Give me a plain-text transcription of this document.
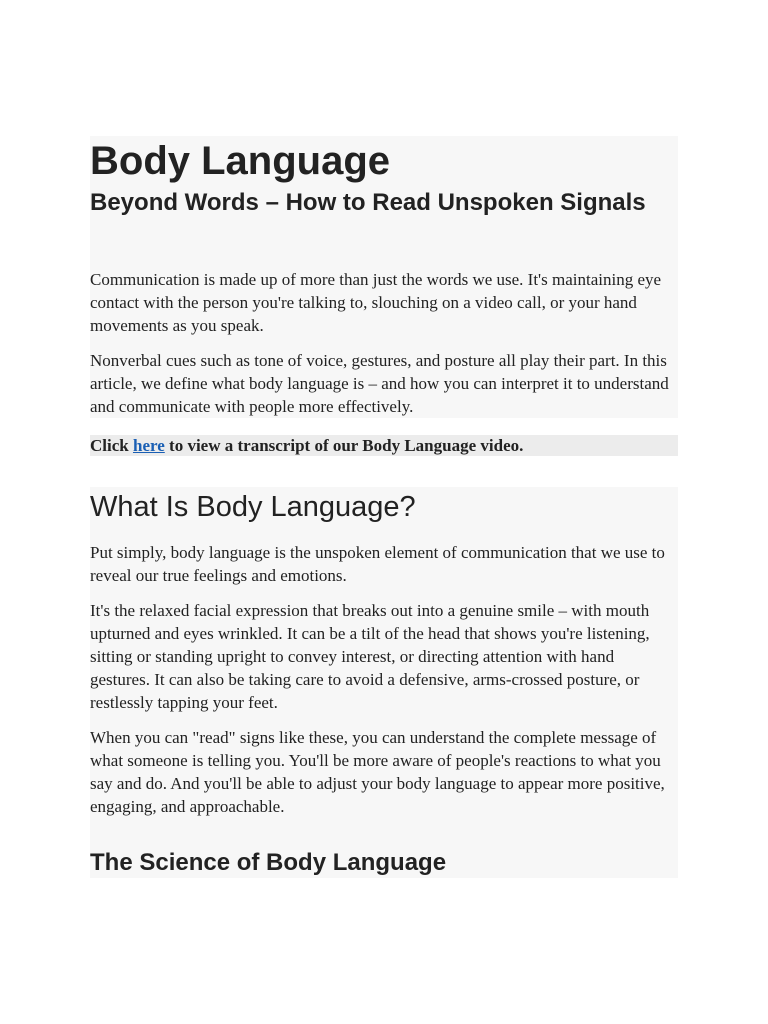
Body Language
Beyond Words – How to Read Unspoken Signals

Communication is made up of more than just the words we use. It's maintaining eye contact with the person you're talking to, slouching on a video call, or your hand movements as you speak.

Nonverbal cues such as tone of voice, gestures, and posture all play their part. In this article, we define what body language is – and how you can interpret it to understand and communicate with people more effectively.

Click here to view a transcript of our Body Language video.
What Is Body Language?

Put simply, body language is the unspoken element of communication that we use to reveal our true feelings and emotions.

It's the relaxed facial expression that breaks out into a genuine smile – with mouth upturned and eyes wrinkled. It can be a tilt of the head that shows you're listening, sitting or standing upright to convey interest, or directing attention with hand gestures. It can also be taking care to avoid a defensive, arms-crossed posture, or restlessly tapping your feet.

When you can "read" signs like these, you can understand the complete message of what someone is telling you. You'll be more aware of people's reactions to what you say and do. And you'll be able to adjust your body language to appear more positive, engaging, and approachable.

The Science of Body Language
